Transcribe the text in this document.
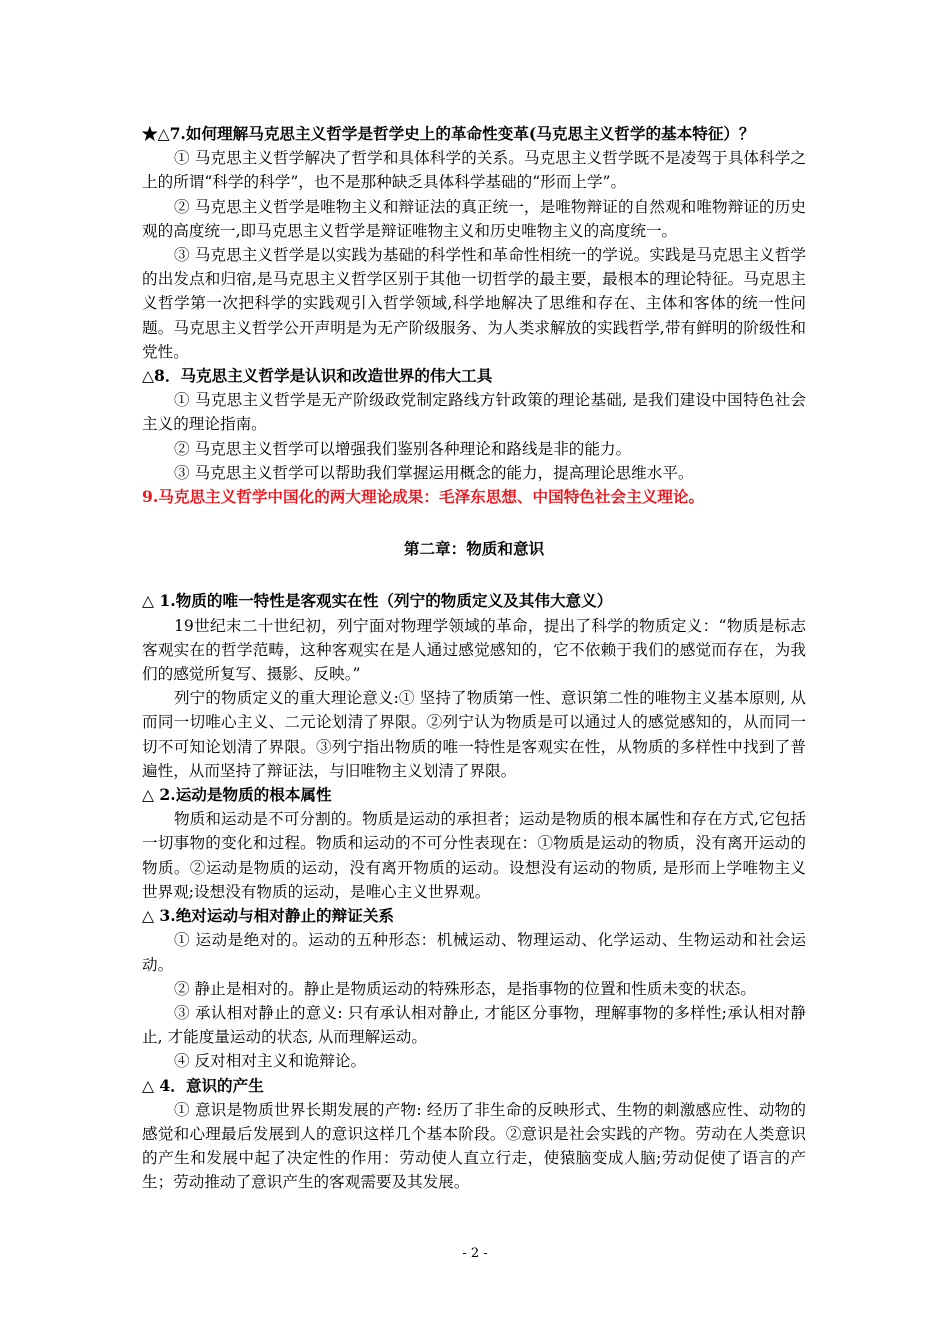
★△7.如何理解马克思主义哲学是哲学史上的革命性变革(马克思主义哲学的基本特征）？

① 马克思主义哲学解决了哲学和具体科学的关系。马克思主义哲学既不是凌驾于具体科学之上的所谓“科学的科学”，也不是那种缺乏具体科学基础的“形而上学”。

② 马克思主义哲学是唯物主义和辩证法的真正统一，是唯物辩证的自然观和唯物辩证的历史观的高度统一,即马克思主义哲学是辩证唯物主义和历史唯物主义的高度统一。

③ 马克思主义哲学是以实践为基础的科学性和革命性相统一的学说。实践是马克思主义哲学的出发点和归宿,是马克思主义哲学区别于其他一切哲学的最主要，最根本的理论特征。马克思主义哲学第一次把科学的实践观引入哲学领域,科学地解决了思维和存在、主体和客体的统一性问题。马克思主义哲学公开声明是为无产阶级服务、为人类求解放的实践哲学,带有鲜明的阶级性和党性。

△8．马克思主义哲学是认识和改造世界的伟大工具

① 马克思主义哲学是无产阶级政党制定路线方针政策的理论基础, 是我们建设中国特色社会主义的理论指南。

② 马克思主义哲学可以增强我们鉴别各种理论和路线是非的能力。

③ 马克思主义哲学可以帮助我们掌握运用概念的能力，提高理论思维水平。

9.马克思主义哲学中国化的两大理论成果：毛泽东思想、中国特色社会主义理论。

第二章：物质和意识

△ 1.物质的唯一特性是客观实在性（列宁的物质定义及其伟大意义）

19世纪末二十世纪初，列宁面对物理学领域的革命，提出了科学的物质定义：“物质是标志客观实在的哲学范畴，这种客观实在是人通过感觉感知的，它不依赖于我们的感觉而存在，为我们的感觉所复写、摄影、反映。”

列宁的物质定义的重大理论意义:① 坚持了物质第一性、意识第二性的唯物主义基本原则, 从而同一切唯心主义、二元论划清了界限。②列宁认为物质是可以通过人的感觉感知的，从而同一切不可知论划清了界限。③列宁指出物质的唯一特性是客观实在性，从物质的多样性中找到了普遍性，从而坚持了辩证法，与旧唯物主义划清了界限。

△ 2.运动是物质的根本属性

物质和运动是不可分割的。物质是运动的承担者；运动是物质的根本属性和存在方式,它包括一切事物的变化和过程。物质和运动的不可分性表现在：①物质是运动的物质，没有离开运动的物质。②运动是物质的运动，没有离开物质的运动。设想没有运动的物质, 是形而上学唯物主义世界观;设想没有物质的运动，是唯心主义世界观。

△ 3.绝对运动与相对静止的辩证关系

① 运动是绝对的。运动的五种形态：机械运动、物理运动、化学运动、生物运动和社会运动。

② 静止是相对的。静止是物质运动的特殊形态，是指事物的位置和性质未变的状态。

③ 承认相对静止的意义: 只有承认相对静止, 才能区分事物，理解事物的多样性;承认相对静止, 才能度量运动的状态, 从而理解运动。

④ 反对相对主义和诡辩论。

△ 4．意识的产生

① 意识是物质世界长期发展的产物: 经历了非生命的反映形式、生物的刺激感应性、动物的感觉和心理最后发展到人的意识这样几个基本阶段。②意识是社会实践的产物。劳动在人类意识的产生和发展中起了决定性的作用：劳动使人直立行走，使猿脑变成人脑;劳动促使了语言的产生；劳动推动了意识产生的客观需要及其发展。

- 2 -
